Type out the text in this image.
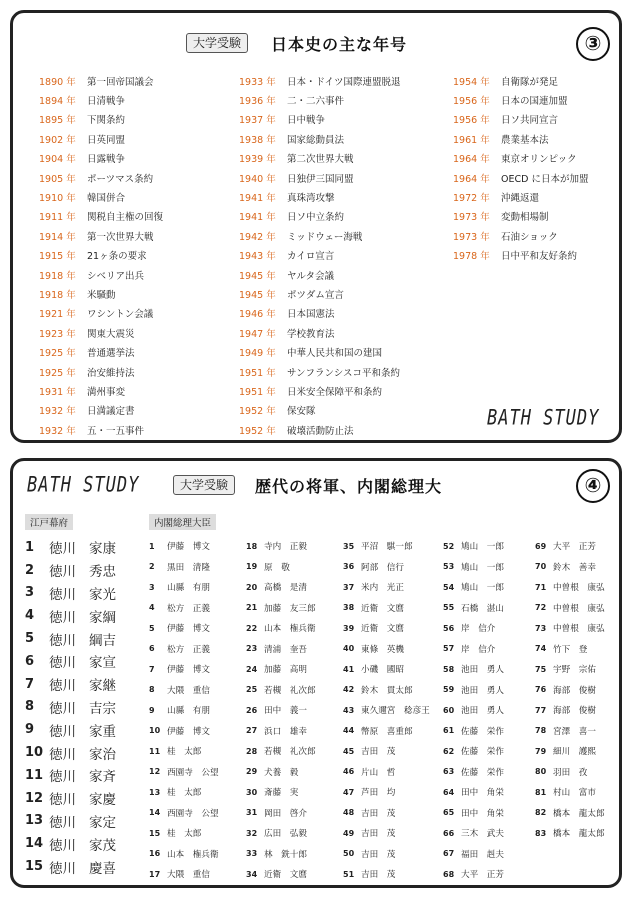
大学受験	日本史の主な年号	③
BATH STUDY
1890 年	第一回帝国議会
1894 年	日清戦争
1895 年	下関条約
1902 年	日英同盟
1904 年	日露戦争
1905 年	ポーツマス条約
1910 年	韓国併合
1911 年	関税自主権の回復
1914 年	第一次世界大戦
1915 年	21ヶ条の要求
1918 年	シベリア出兵
1918 年	米騒動
1921 年	ワシントン会議
1923 年	関東大震災
1925 年	普通選挙法
1925 年	治安維持法
1931 年	満州事変
1932 年	日満議定書
1932 年	五・一五事件
1933 年	日本・ドイツ国際連盟脱退
1936 年	二・二六事件
1937 年	日中戦争
1938 年	国家総動員法
1939 年	第二次世界大戦
1940 年	日独伊三国同盟
1941 年	真珠湾攻撃
1941 年	日ソ中立条約
1942 年	ミッドウェー海戦
1943 年	カイロ宣言
1945 年	ヤルタ会議
1945 年	ポツダム宣言
1946 年	日本国憲法
1947 年	学校教育法
1949 年	中華人民共和国の建国
1951 年	サンフランシスコ平和条約
1951 年	日米安全保障平和条約
1952 年	保安隊
1952 年	破壊活動防止法
1954 年	自衛隊が発足
1956 年	日本の国連加盟
1956 年	日ソ共同宣言
1961 年	農業基本法
1964 年	東京オリンピック
1964 年	OECD に日本が加盟
1972 年	沖縄返還
1973 年	変動相場制
1973 年	石油ショック
1978 年	日中平和友好条約
BATH STUDY	大学受験	歴代の将軍、内閣総理大	④
江戸幕府	内閣総理大臣
1	徳川 家康
2	徳川 秀忠
3	徳川 家光
4	徳川 家綱
5	徳川 綱吉
6	徳川 家宣
7	徳川 家継
8	徳川 吉宗
9	徳川 家重
10 徳川 家治
11 徳川 家斉
12 徳川 家慶
13 徳川 家定
14 徳川 家茂
15 徳川 慶喜
1	伊藤　博文
2	黒田　清隆
3	山縣　有朋
4	松方　正義
5	伊藤　博文
6	松方　正義
7	伊藤　博文
8	大隈　重信
9	山縣　有朋
10 伊藤　博文
11 桂　太郎
12 西園寺　公望
13 桂　太郎
14 西園寺　公望
15 桂　太郎
16 山本　権兵衛
17 大隈　重信
18 寺内　正毅
19 原　敬
20 高橋　是清
21 加藤　友三郎
22 山本　権兵衛
23 清浦　奎吾
24 加藤　高明
25 若槻　礼次郎
26 田中　義一
27 浜口　雄幸
28 若槻　礼次郎
29 犬養　毅
30 斎藤　実
31 岡田　啓介
32 広田　弘毅
33 林　銑十郎
34 近衛　文麿
35 平沼　騏一郎
36 阿部　信行
37 米内　光正
38 近衛　文麿
39 近衛　文麿
40 東條　英機
41 小磯　國昭
42 鈴木　貫太郎
43 東久邇宮　稔彦王
44 幣原　喜重郎
45 吉田　茂
46 片山　哲
47 芦田　均
48 吉田　茂
49 吉田　茂
50 吉田　茂
51 吉田　茂
52 鳩山　一郎
53 鳩山　一郎
54 鳩山　一郎
55 石橋　湛山
56 岸　信介
57 岸　信介
58 池田　勇人
59 池田　勇人
60 池田　勇人
61 佐藤　栄作
62 佐藤　栄作
63 佐藤　栄作
64 田中　角栄
65 田中　角栄
66 三木　武夫
67 福田　赳夫
68 大平　正芳
69 大平　正芳
70 鈴木　善幸
71 中曽根　康弘
72 中曽根　康弘
73 中曽根　康弘
74 竹下　登
75 宇野　宗佑
76 海部　俊樹
77 海部　俊樹
78 宮澤　喜一
79 細川　護熙
80 羽田　孜
81 村山　富市
82 橋本　龍太郎
83 橋本　龍太郎
